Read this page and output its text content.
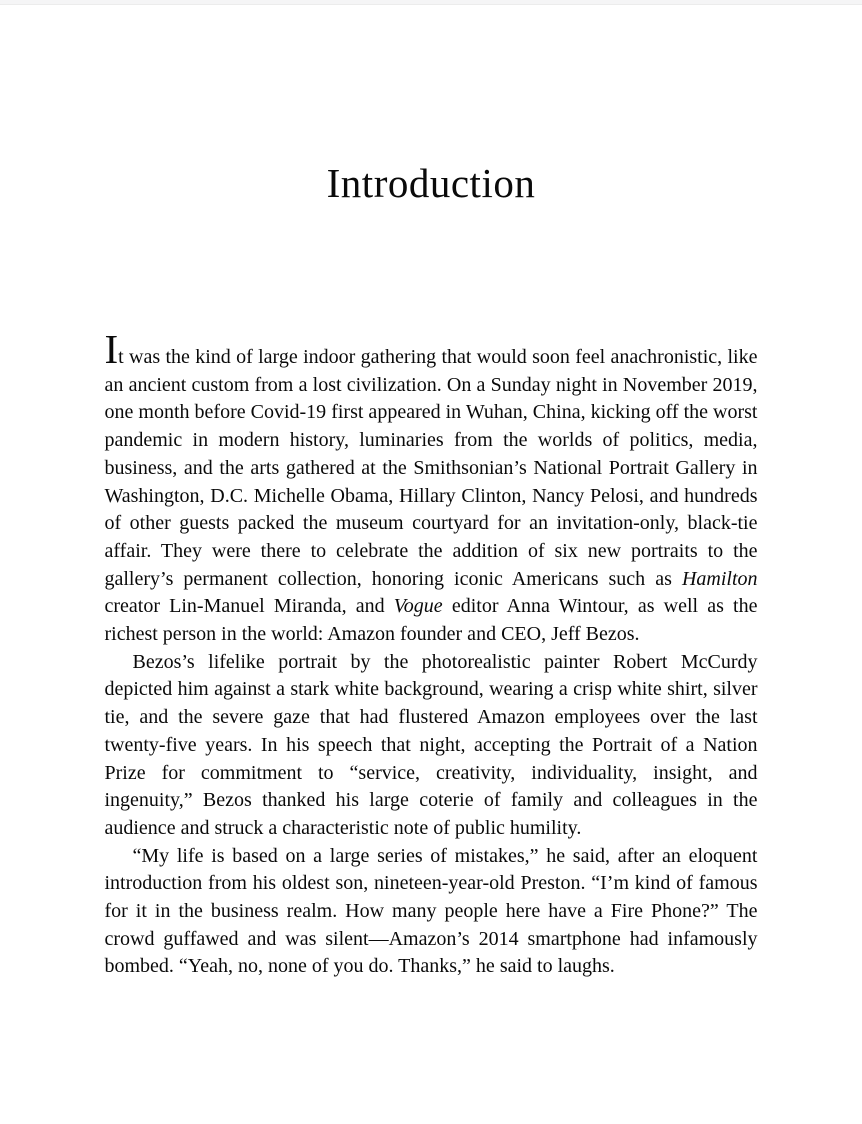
Introduction

It was the kind of large indoor gathering that would soon feel anachronistic, like an ancient custom from a lost civilization. On a Sunday night in November 2019, one month before Covid-19 first appeared in Wuhan, China, kicking off the worst pandemic in modern history, luminaries from the worlds of politics, media, business, and the arts gathered at the Smithsonian’s National Portrait Gallery in Washington, D.C. Michelle Obama, Hillary Clinton, Nancy Pelosi, and hundreds of other guests packed the museum courtyard for an invitation-only, black-tie affair. They were there to celebrate the addition of six new portraits to the gallery’s permanent collection, honoring iconic Americans such as Hamilton creator Lin-Manuel Miranda, and Vogue editor Anna Wintour, as well as the richest person in the world: Amazon founder and CEO, Jeff Bezos.

Bezos’s lifelike portrait by the photorealistic painter Robert McCurdy depicted him against a stark white background, wearing a crisp white shirt, silver tie, and the severe gaze that had flustered Amazon employees over the last twenty-five years. In his speech that night, accepting the Portrait of a Nation Prize for commitment to “service, creativity, individuality, insight, and ingenuity,” Bezos thanked his large coterie of family and colleagues in the audience and struck a characteristic note of public humility.

“My life is based on a large series of mistakes,” he said, after an eloquent introduction from his oldest son, nineteen-year-old Preston. “I’m kind of famous for it in the business realm. How many people here have a Fire Phone?” The crowd guffawed and was silent—Amazon’s 2014 smartphone had infamously bombed. “Yeah, no, none of you do. Thanks,” he said to laughs.
